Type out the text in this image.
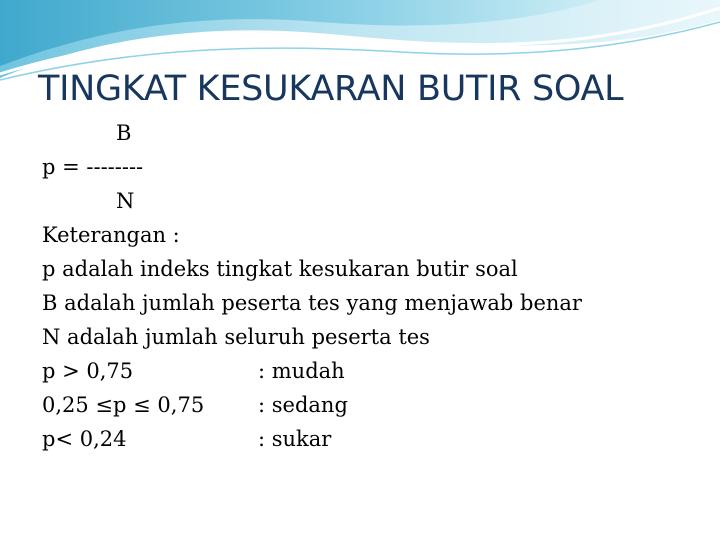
TINGKAT KESUKARAN BUTIR SOAL
B
p = --------
N
Keterangan :
p adalah indeks tingkat kesukaran butir soal
B adalah jumlah peserta tes yang menjawab benar
N adalah jumlah seluruh peserta tes
p > 0,75	: mudah
0,25 ≤p ≤ 0,75	: sedang
p< 0,24	: sukar
